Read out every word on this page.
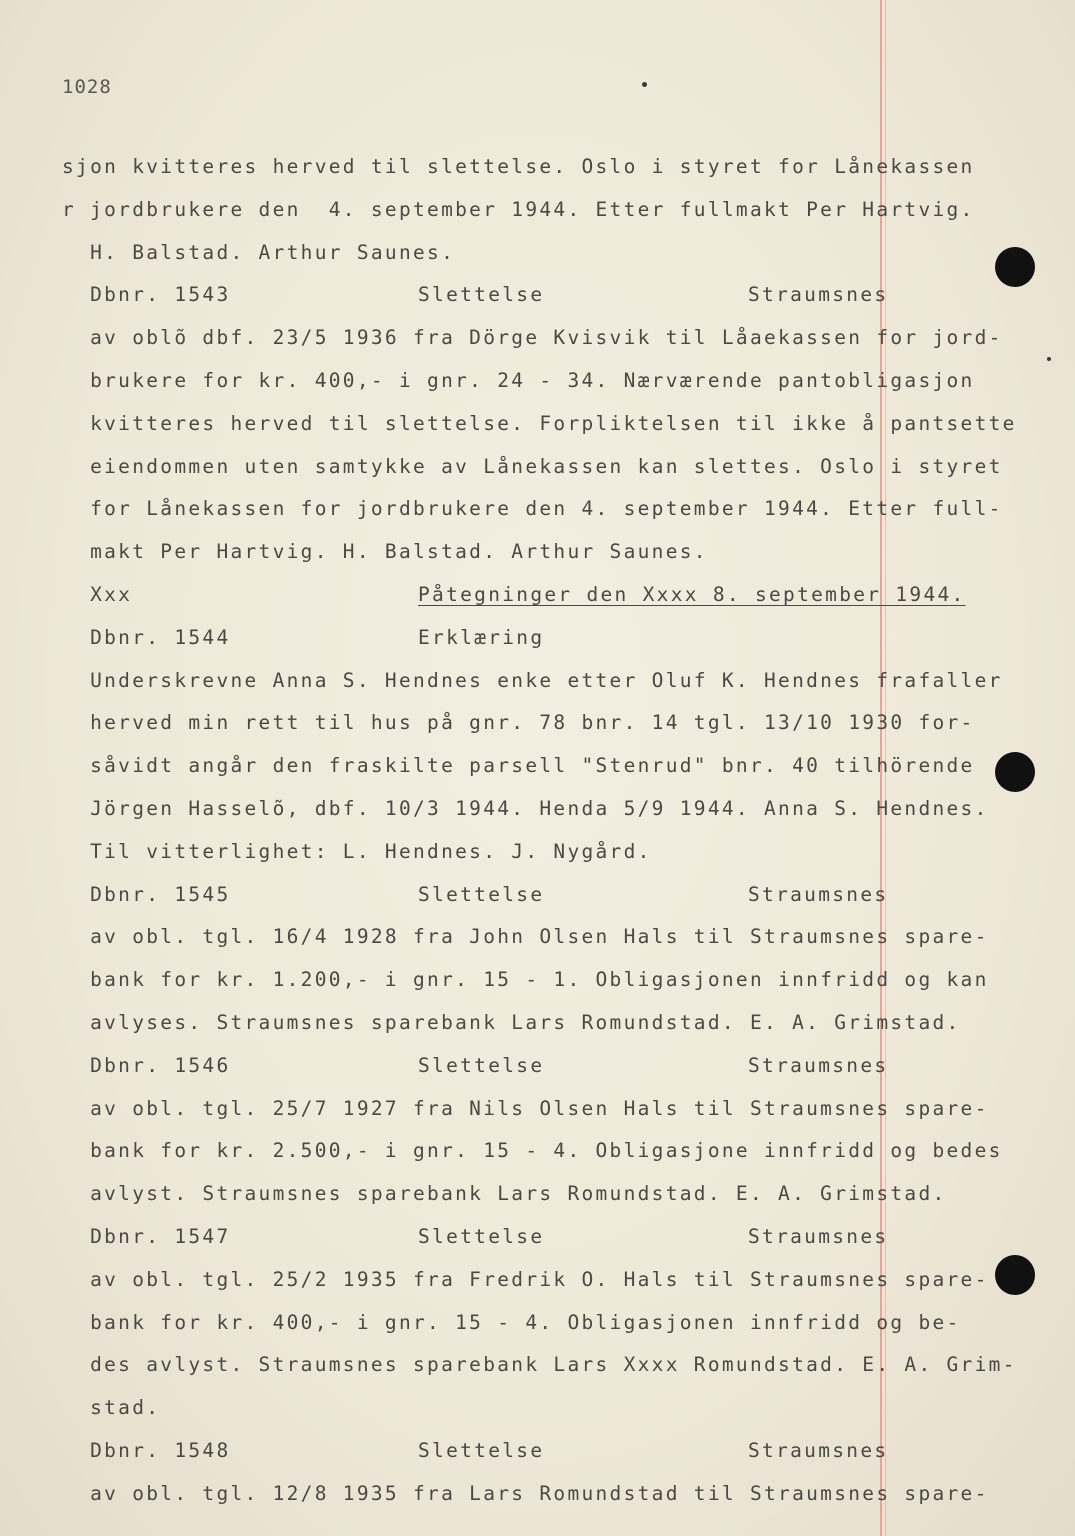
1028
sjon kvitteres herved til slettelse. Oslo i styret for Lånekassen
r jordbrukere den  4. september 1944. Etter fullmakt Per Hartvig.
H. Balstad. Arthur Saunes.
Dbnr. 1543	Slettelse	Straumsnes
av oblõ dbf. 23/5 1936 fra Dörge Kvisvik til Låaekassen for jord-
brukere for kr. 400,- i gnr. 24 - 34. Nærværende pantobligasjon
kvitteres herved til slettelse. Forpliktelsen til ikke å pantsette
eiendommen uten samtykke av Lånekassen kan slettes. Oslo i styret
for Lånekassen for jordbrukere den 4. september 1944. Etter full-
makt Per Hartvig. H. Balstad. Arthur Saunes.
Xxx	Påtegninger den Xxxx 8. september 1944.
Dbnr. 1544	Erklæring
Underskrevne Anna S. Hendnes enke etter Oluf K. Hendnes frafaller
herved min rett til hus på gnr. 78 bnr. 14 tgl. 13/10 1930 for-
såvidt angår den fraskilte parsell "Stenrud" bnr. 40 tilhörende
Jörgen Hasselõ, dbf. 10/3 1944. Hendа 5/9 1944. Anna S. Hendnes.
Til vitterlighet: L. Hendnes. J. Nygård.
Dbnr. 1545	Slettelse	Straumsnes
av obl. tgl. 16/4 1928 fra John Olsen Hals til Straumsnes spare-
bank for kr. 1.200,- i gnr. 15 - 1. Obligasjonen innfridd og kan
avlyses. Straumsnes sparebank Lars Romundstad. E. A. Grimstad.
Dbnr. 1546	Slettelse	Straumsnes
av obl. tgl. 25/7 1927 fra Nils Olsen Hals til Straumsnes spare-
bank for kr. 2.500,- i gnr. 15 - 4. Obligasjone innfridd og bedes
avlyst. Straumsnes sparebank Lars Romundstad. E. A. Grimstad.
Dbnr. 1547	Slettelse	Straumsnes
av obl. tgl. 25/2 1935 fra Fredrik O. Hals til Straumsnes spare-
bank for kr. 400,- i gnr. 15 - 4. Obligasjonen innfridd og be-
des avlyst. Straumsnes sparebank Lars Xxxx Romundstad. E. A. Grim-
stad.
Dbnr. 1548	Slettelse	Straumsnes
av obl. tgl. 12/8 1935 fra Lars Romundstad til Straumsnes spare-
